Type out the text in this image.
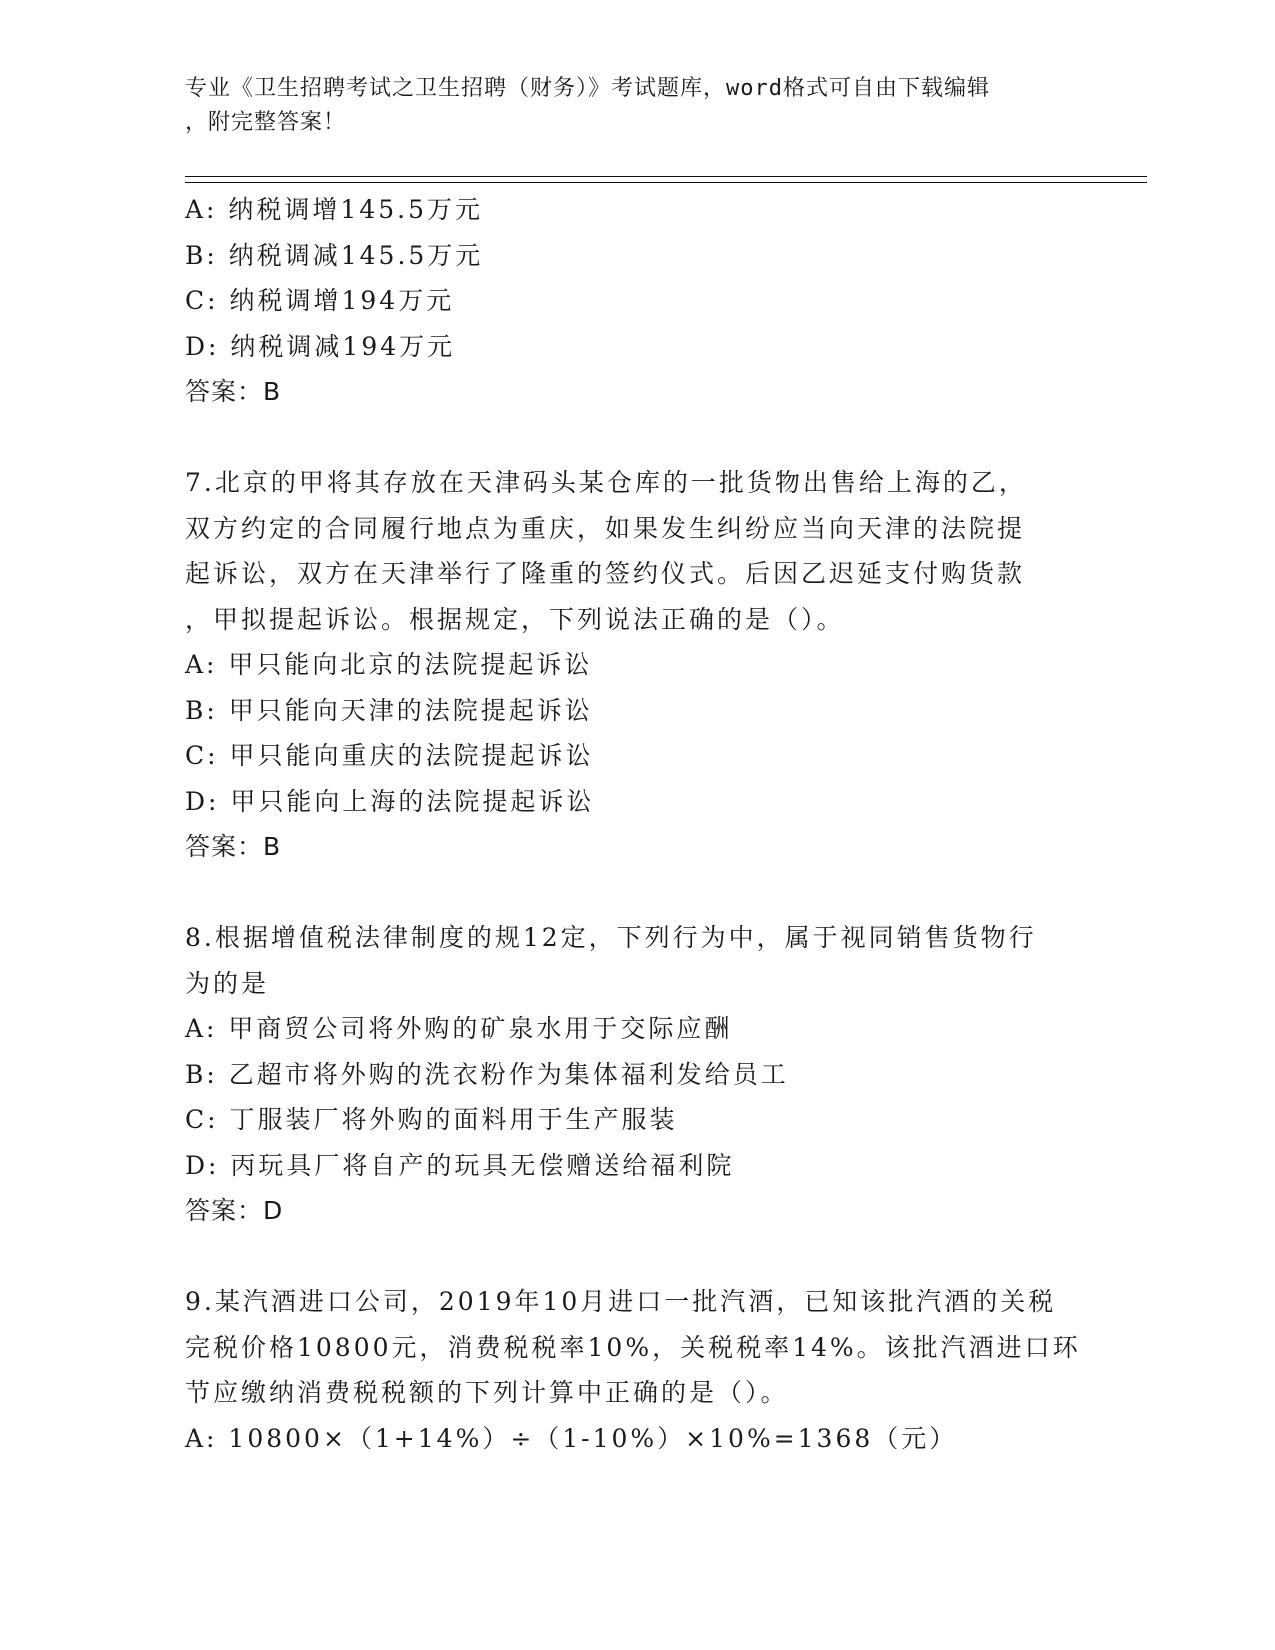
专业《卫生招聘考试之卫生招聘（财务）》考试题库，word格式可自由下载编辑
，附完整答案！
A: 纳税调增145.5万元
B: 纳税调减145.5万元
C: 纳税调增194万元
D: 纳税调减194万元
答案：B
7.北京的甲将其存放在天津码头某仓库的一批货物出售给上海的乙，
双方约定的合同履行地点为重庆，如果发生纠纷应当向天津的法院提
起诉讼，双方在天津举行了隆重的签约仪式。后因乙迟延支付购货款
，甲拟提起诉讼。根据规定，下列说法正确的是（）。
A: 甲只能向北京的法院提起诉讼
B: 甲只能向天津的法院提起诉讼
C: 甲只能向重庆的法院提起诉讼
D: 甲只能向上海的法院提起诉讼
答案：B
8.根据增值税法律制度的规12定，下列行为中，属于视同销售货物行
为的是
A: 甲商贸公司将外购的矿泉水用于交际应酬
B: 乙超市将外购的洗衣粉作为集体福利发给员工
C: 丁服装厂将外购的面料用于生产服装
D: 丙玩具厂将自产的玩具无偿赠送给福利院
答案：D
9.某汽酒进口公司，2019年10月进口一批汽酒，已知该批汽酒的关税
完税价格10800元，消费税税率10%，关税税率14%。该批汽酒进口环
节应缴纳消费税税额的下列计算中正确的是（）。
A: 10800×（1+14%）÷（1-10%）×10%=1368（元）
